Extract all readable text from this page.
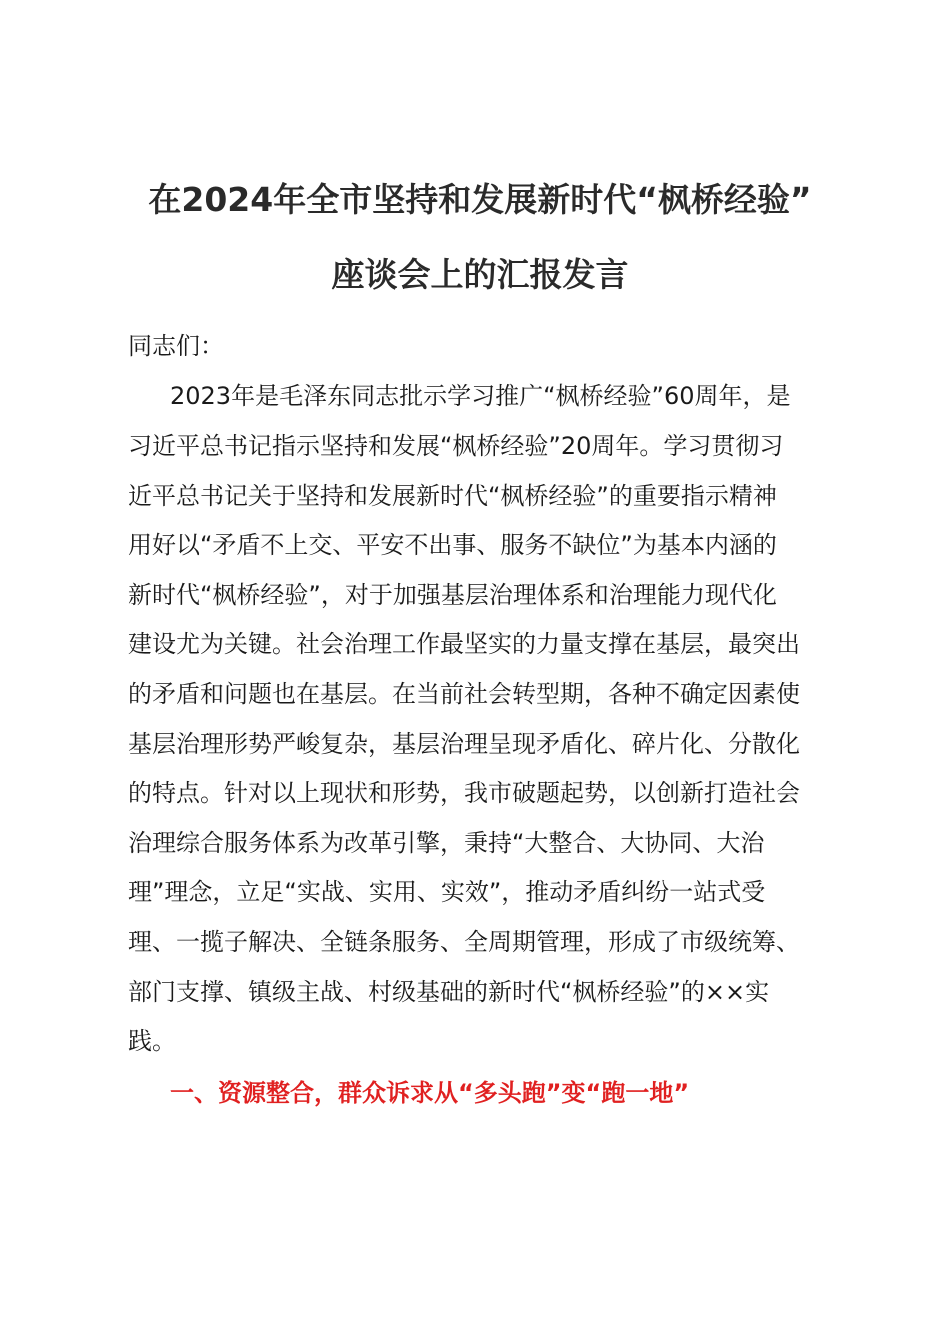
在2024年全市坚持和发展新时代“枫桥经验”
座谈会上的汇报发言
同志们：
2023年是毛泽东同志批示学习推广“枫桥经验”60周年，是
习近平总书记指示坚持和发展“枫桥经验”20周年。学习贯彻习
近平总书记关于坚持和发展新时代“枫桥经验”的重要指示精神
用好以“矛盾不上交、平安不出事、服务不缺位”为基本内涵的
新时代“枫桥经验”，对于加强基层治理体系和治理能力现代化
建设尤为关键。社会治理工作最坚实的力量支撑在基层，最突出
的矛盾和问题也在基层。在当前社会转型期，各种不确定因素使
基层治理形势严峻复杂，基层治理呈现矛盾化、碎片化、分散化
的特点。针对以上现状和形势，我市破题起势，以创新打造社会
治理综合服务体系为改革引擎，秉持“大整合、大协同、大治
理”理念，立足“实战、实用、实效”，推动矛盾纠纷一站式受
理、一揽子解决、全链条服务、全周期管理，形成了市级统筹、
部门支撑、镇级主战、村级基础的新时代“枫桥经验”的××实
践。
一、资源整合，群众诉求从“多头跑”变“跑一地”
